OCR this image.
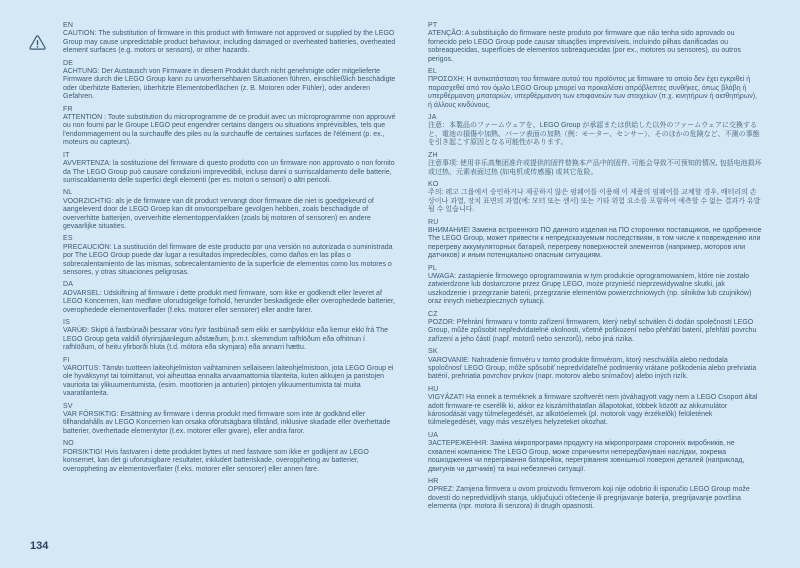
EN
CAUTION: The substitution of firmware in this product with firmware not approved or supplied by the LEGO Group may cause unpredictable product behaviour, including damaged or overheated batteries, overheated element surfaces (e.g. motors or sensors), or other hazards.
DE
ACHTUNG: Der Austausch von Firmware in diesem Produkt durch nicht genehmigte oder mitgelieferte Firmware durch die LEGO Group kann zu unvorhersehbaren Situationen führen, einschließlich beschädigte oder überhitzte Batterien, überhitzte Elementoberflächen (z. B. Motoren oder Fühler), oder anderen Gefahren.
FR
ATTENTION : Toute substitution du microprogramme de ce produit avec un microprogramme non approuvé ou non fourni par le Groupe LEGO peut engendrer certains dangers ou situations imprévisibles, tels que l'endommagement ou la surchauffe des piles ou la surchauffe de certaines surfaces de l'élément (p. ex., moteurs ou capteurs).
IT
AVVERTENZA: la sostituzione del firmware di questo prodotto con un firmware non approvato o non fornito da The LEGO Group può causare condizioni imprevedibili, incluso danni o surriscaldamento delle batterie, surriscaldamento delle superfici degli elementi (per es. motori o sensori) o altri pericoli.
NL
VOORZICHTIG: als je de firmware van dit product vervangt door firmware die niet is goedgekeurd of aangeleverd door de LEGO Groep kan dit onvoorspelbare gevolgen hebben, zoals beschadigde of oververhitte batterijen, oververhitte elementoppervlakken (zoals bij motoren of sensoren) en andere gevaarlijke situaties.
ES
PRECAUCIÓN: La sustitución del firmware de este producto por una versión no autorizada o suministrada por The LEGO Group puede dar lugar a resultados impredecibles, como daños en las pilas o sobrecalentamiento de las mismas, sobrecalentamiento de la superficie de elementos como los motores o sensores, y otras situaciones peligrosas.
DA
ADVARSEL: Udskiftning af firmware i dette produkt med firmware, som ikke er godkendt eller leveret af LEGO Koncernen, kan medføre uforudsigelige forhold, herunder beskadigede eller overophedede batterier, overophedede elementoverflader (f.eks. motorer eller sensorer) eller andre farer.
IS
VARÚÐ: Skipti á fastbúnaði þessarar vöru fyrir fastbúnað sem ekki er samþykktur eða kemur ekki frá The LEGO Group geta valdið ófyrirsjáanlegum aðstæðum, þ.m.t. skemmdum rafhlöðum eða ofhitnun í rafhlöðum, of heitu yfirborði hluta (t.d. mótora eða skynjara) eða annarri hættu.
FI
VAROITUS: Tämän tuotteen laiteohjelmiston vaihtaminen sellaiseen laiteohjelmistoon, jota LEGO Group ei ole hyväksynyt tai toimittanut, voi aiheuttaa ennalta arvaamattomia tilanteita, kuten akkujen ja paristojen vaurioita tai ylikuumentumista, (esim. moottorien ja anturien) pintojen ylikuumentumista tai muita vaaratilanteita.
SV
VAR FÖRSIKTIG: Ersättning av firmware i denna produkt med firmware som inte är godkänd eller tillhandahålls av LEGO Koncernen kan orsaka oförutsägbara tillstånd, inklusive skadade eller överhettade batterier, överhettade elementytor (t.ex. motorer eller givare), eller andra faror.
NO
FORSIKTIG! Hvis fastvaren i dette produktet byttes ut med fastvare som ikke er godkjent av LEGO konsernet, kan det gi uforutsigbare resultater, inkludert batteriskade, overoppheting av batterier, overoppheting av elementoverflater (f.eks. motorer eller sensorer) eller annen fare.
PT
ATENÇÃO: A substituição do firmware neste produto por firmware que não tenha sido aprovado ou fornecido pelo LEGO Group pode causar situações imprevisíveis, incluindo pilhas danificadas ou sobreaquecidas, superfícies de elementos sobreaquecidas (por ex., motores ou sensores), ou outros perigos.
EL
ΠΡΟΣΟΧΗ: Η αντικατάσταση του firmware αυτού του προϊόντος με firmware το οποίο δεν έχει εγκριθεί ή παρασχεθεί από τον όμιλο LEGO Group μπορεί να προκαλέσει απρόβλεπτες συνθήκες, όπως βλάβη ή υπερθέρμανση μπαταριών, υπερθέρμανση των επιφανειών των στοιχείων (π.χ. κινητήρων ή αισθητήρων), ή άλλους κινδύνους.
JA
注意：本製品のファームウェアを、LEGO Group が承認または供給した以外のファームウェアに交換すると、電池の損傷や加熱、パーツ表面の加熱（例：モーター、センサー）、そのほかの危険など、不測の事態を引き起こす原因となる可能性があります。
ZH
注意事项: 使用非乐高集团准许或提供的固件替换本产品中的固件, 可能会导致不可预知的情况, 包括电池损坏或过热、元素表面过热 (如电机或传感器) 或其它危险。
KO
주의: 레고 그룹에서 승인하거나 제공하지 않은 펌웨어를 이용해 이 제품의 펌웨어를 교체할 경우, 배터리의 손상이나 과열, 장치 표면의 과열(예: 모터 또는 센서) 또는 기타 위험 요소를 포함하여 예측할 수 없는 결과가 유발될 수 있습니다.
RU
ВНИМАНИЕ! Замена встроенного ПО данного изделия на ПО сторонних поставщиков, не одобренное The LEGO Group, может привести к непредсказуемым последствиям, в том числе к повреждению или перегреву аккумуляторных батарей, перегреву поверхностей элементов (например, моторов или датчиков) и иным потенциально опасным ситуациям.
PL
UWAGA: zastąpienie firmowego oprogramowania w tym produkcie oprogramowaniem, które nie zostało zatwierdzone lub dostarczone przez Grupę LEGO, może przynieść nieprzewidywalne skutki, jak uszkodzenie i przegrzanie baterii, przegrzanie elementów powierzchniowych (np. silników lub czujników) oraz innych niebezpiecznych sytuacji.
CZ
POZOR: Přehrání firmwaru v tomto zařízení firmwarem, který nebyl schválen či dodán společností LEGO Group, může způsobit nepředvídatelné okolnosti, včetně poškození nebo přehřátí baterií, přehřátí povrchu zařízení a jeho částí (např. motorů nebo senzorů), nebo jiná rizika.
SK
VAROVANIE: Nahradenie firmvéru v tomto produkte firmvérom, ktorý neschválila alebo nedodala spoločnosť LEGO Group, môže spôsobiť nepredvídateľné podmienky vrátane poškodenia alebo prehriatia batérií, prehriatia povrchov prvkov (napr. motorov alebo snímačov) alebo iných rizík.
HU
VIGYÁZAT! Ha ennek a terméknek a firmware szoftverét nem jóváhagyott vagy nem a LEGO Csoport által adott firmware-re cserélik ki, akkor ez kiszámíthatatlan állapotokat, többek között az akkumulátor károsodását vagy túlmelegedését, az alkotóelemek (pl. motorok vagy érzékelők) felületének túlmelegedését, vagy más veszélyes helyzeteket okozhat.
UA
ЗАСТЕРЕЖЕННЯ: Заміна мікропрограми продукту на мікропрограми сторонніх виробників, не схвалені компанією The LEGO Group, може спричинити непередбачувані наслідки, зокрема пошкодження чи перегрівання батарейок, перегрівання зовнішньої поверхні деталей (наприклад, двигунів чи датчиків) та інші небезпечні ситуації.
HR
OPREZ: Zamjena firmvera u ovom proizvodu firmverom koji nije odobrio ili isporučio LEGO Group može dovesti do nepredvidljivih stanja, uključujući oštećenje ili pregrijavanje baterija, pregrijavanje površina elementa (npr. motora ili senzora) ili drugih opasnosti.
134
